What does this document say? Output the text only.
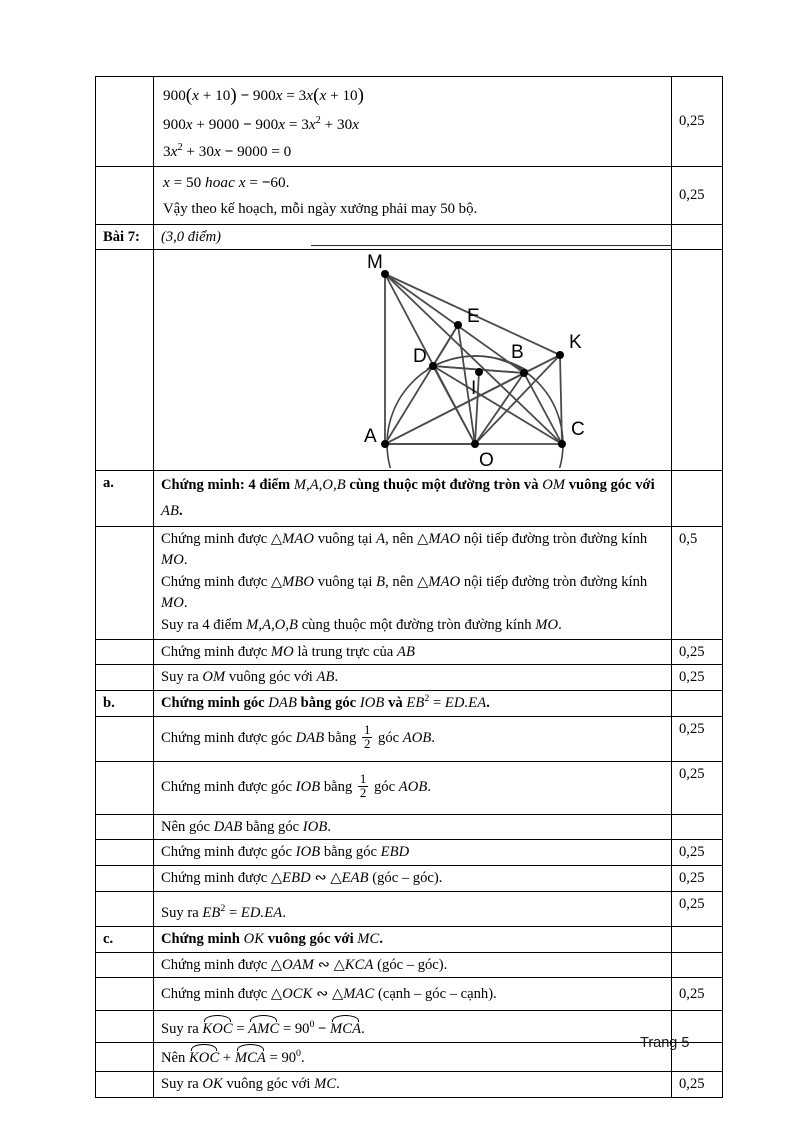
	900(x + 10) − 900x = 3x(x + 10)
$900x + 9000 - 900x = 3x^2 + 30x$
$3x^2 + 30x - 9000 = 0$	0,25

	x = 50 hoac x = −60.
Vậy theo kế hoạch, mỗi ngày xưởng phải may 50 bộ.	0,25
Bài 7:	(3,0 điểm)	

M
E
K
D	B
I
A
O
C

a.	Chứng minh: 4 điểm M,A,O,B cùng thuộc một đường tròn và OM vuông góc với AB.	

	Chứng minh được △MAO vuông tại A, nên △MAO nội tiếp đường tròn đường kính MO.
Chứng minh được △MBO vuông tại B, nên △MAO nội tiếp đường tròn đường kính MO.
Suy ra 4 điểm M,A,O,B cùng thuộc một đường tròn đường kính MO.	0,5
	Chứng minh được MO là trung trực của AB	0,25
	Suy ra OM vuông góc với AB.	0,25
b.	Chứng minh góc DAB bằng góc IOB và $EB^2 = ED.EA$.	
	Chứng minh được góc DAB bằng $\frac{1}{2}$ góc AOB.	0,25
	Chứng minh được góc IOB bằng $\frac{1}{2}$ góc AOB.	0,25
	Nên góc DAB bằng góc IOB.	
	Chứng minh được góc IOB bằng góc EBD	0,25
	Chứng minh được △EBD ∾ △EAB (góc – góc).	0,25
	Suy ra $EB^2 = ED.EA$.	0,25
c.	Chứng minh OK vuông góc với MC.	
	Chứng minh được △OAM ∾ △KCA (góc – góc).	
	Chứng minh được △OCK ∾ △MAC (cạnh – góc – cạnh).	0,25
	Suy ra KOC = AMC = $90^0$ − MCA.	
	Nên KOC + MCA = $90^0$.	
	Suy ra OK vuông góc với MC.	0,25
Trang 5
